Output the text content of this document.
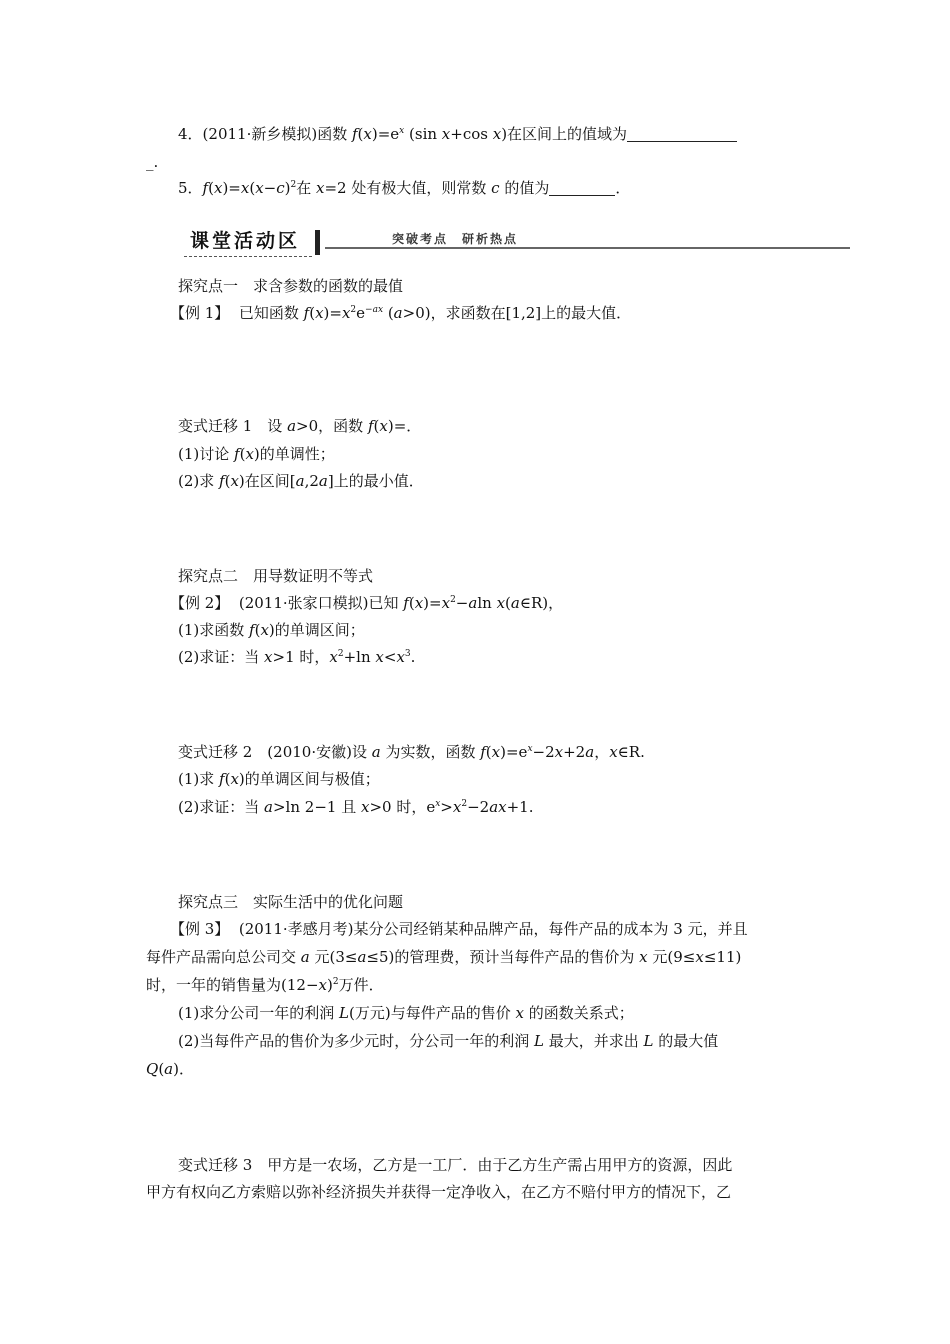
4．(2011·新乡模拟)函数 $f(x)=e^x$ (sin x+cos x)在区间上的值域为
_.
5．$f(x)=x(x-c)^2$在 x=2 处有极大值，则常数 c 的值为	．
课堂活动区	突破考点　研析热点
探究点一　求含参数的函数的最值
【例 1】 已知函数 $f(x)=x^2e^{-ax}$ (a>0)，求函数在[1,2]上的最大值．
变式迁移 1　设 a>0，函数 f(x)=．
(1)讨论 f(x)的单调性；
(2)求 f(x)在区间[a,2a]上的最小值．
探究点二　用导数证明不等式
【例 2】 (2011·张家口模拟)已知 $f(x)=x^2-aln$ x(a∈R)，
(1)求函数 f(x)的单调区间；
(2)求证：当 x>1 时，$x^2+\ln$ $x<x^3$.
变式迁移 2　(2010·安徽)设 a 为实数，函数 $f(x)=e^x-2x+2a$，x∈R.
(1)求 f(x)的单调区间与极值；
(2)求证：当 a>ln 2−1 且 x>0 时，$e^x>x^2-2ax+1$.
探究点三　实际生活中的优化问题
【例 3】 (2011·孝感月考)某分公司经销某种品牌产品，每件产品的成本为 3 元，并且
每件产品需向总公司交 a 元(3≤a≤5)的管理费，预计当每件产品的售价为 x 元(9≤x≤11)
时，一年的销售量为$(12-x)^2$万件．
(1)求分公司一年的利润 L(万元)与每件产品的售价 x 的函数关系式；
(2)当每件产品的售价为多少元时，分公司一年的利润 L 最大，并求出 L 的最大值
Q(a)．
变式迁移 3　甲方是一农场，乙方是一工厂．由于乙方生产需占用甲方的资源，因此
甲方有权向乙方索赔以弥补经济损失并获得一定净收入，在乙方不赔付甲方的情况下，乙
